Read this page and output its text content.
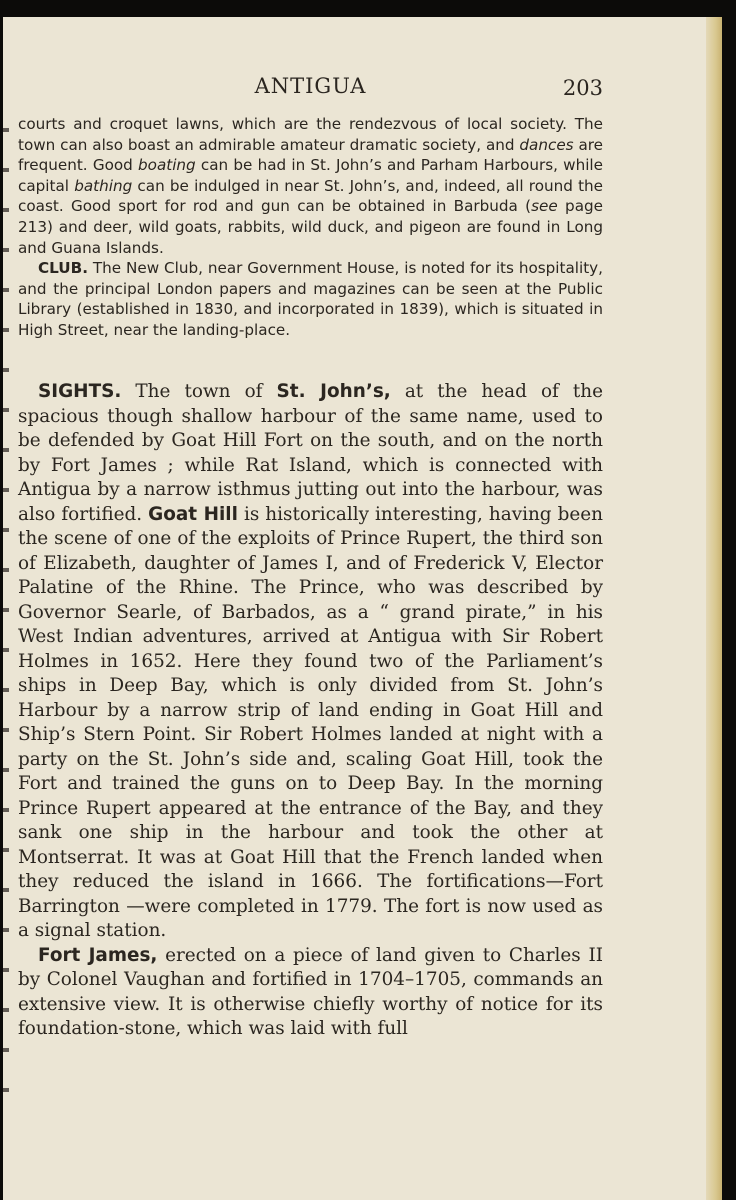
ANTIGUA	203

courts and croquet lawns, which are the rendezvous of local society. The town can also boast an admirable amateur dramatic society, and dances are frequent. Good boating can be had in St. John’s and Parham Harbours, while capital bathing can be indulged in near St. John’s, and, indeed, all round the coast. Good sport for rod and gun can be obtained in Barbuda (see page 213) and deer, wild goats, rabbits, wild duck, and pigeon are found in Long and Guana Islands.

CLUB. The New Club, near Government House, is noted for its hospitality, and the principal London papers and magazines can be seen at the Public Library (established in 1830, and incorporated in 1839), which is situated in High Street, near the landing-place.

SIGHTS. The town of St. John’s, at the head of the spacious though shallow harbour of the same name, used to be defended by Goat Hill Fort on the south, and on the north by Fort James ; while Rat Island, which is connected with Antigua by a narrow isthmus jutting out into the harbour, was also fortified. Goat Hill is historically interesting, having been the scene of one of the exploits of Prince Rupert, the third son of Elizabeth, daughter of James I, and of Frederick V, Elector Palatine of the Rhine. The Prince, who was described by Governor Searle, of Barbados, as a “ grand pirate,” in his West Indian adventures, arrived at Antigua with Sir Robert Holmes in 1652. Here they found two of the Parliament’s ships in Deep Bay, which is only divided from St. John’s Harbour by a narrow strip of land ending in Goat Hill and Ship’s Stern Point. Sir Robert Holmes landed at night with a party on the St. John’s side and, scaling Goat Hill, took the Fort and trained the guns on to Deep Bay. In the morning Prince Rupert appeared at the entrance of the Bay, and they sank one ship in the harbour and took the other at Montserrat. It was at Goat Hill that the French landed when they reduced the island in 1666. The fortifications—Fort Barrington —were completed in 1779. The fort is now used as a signal station.

Fort James, erected on a piece of land given to Charles II by Colonel Vaughan and fortified in 1704–1705, commands an extensive view. It is otherwise chiefly worthy of notice for its foundation-stone, which was laid with full
